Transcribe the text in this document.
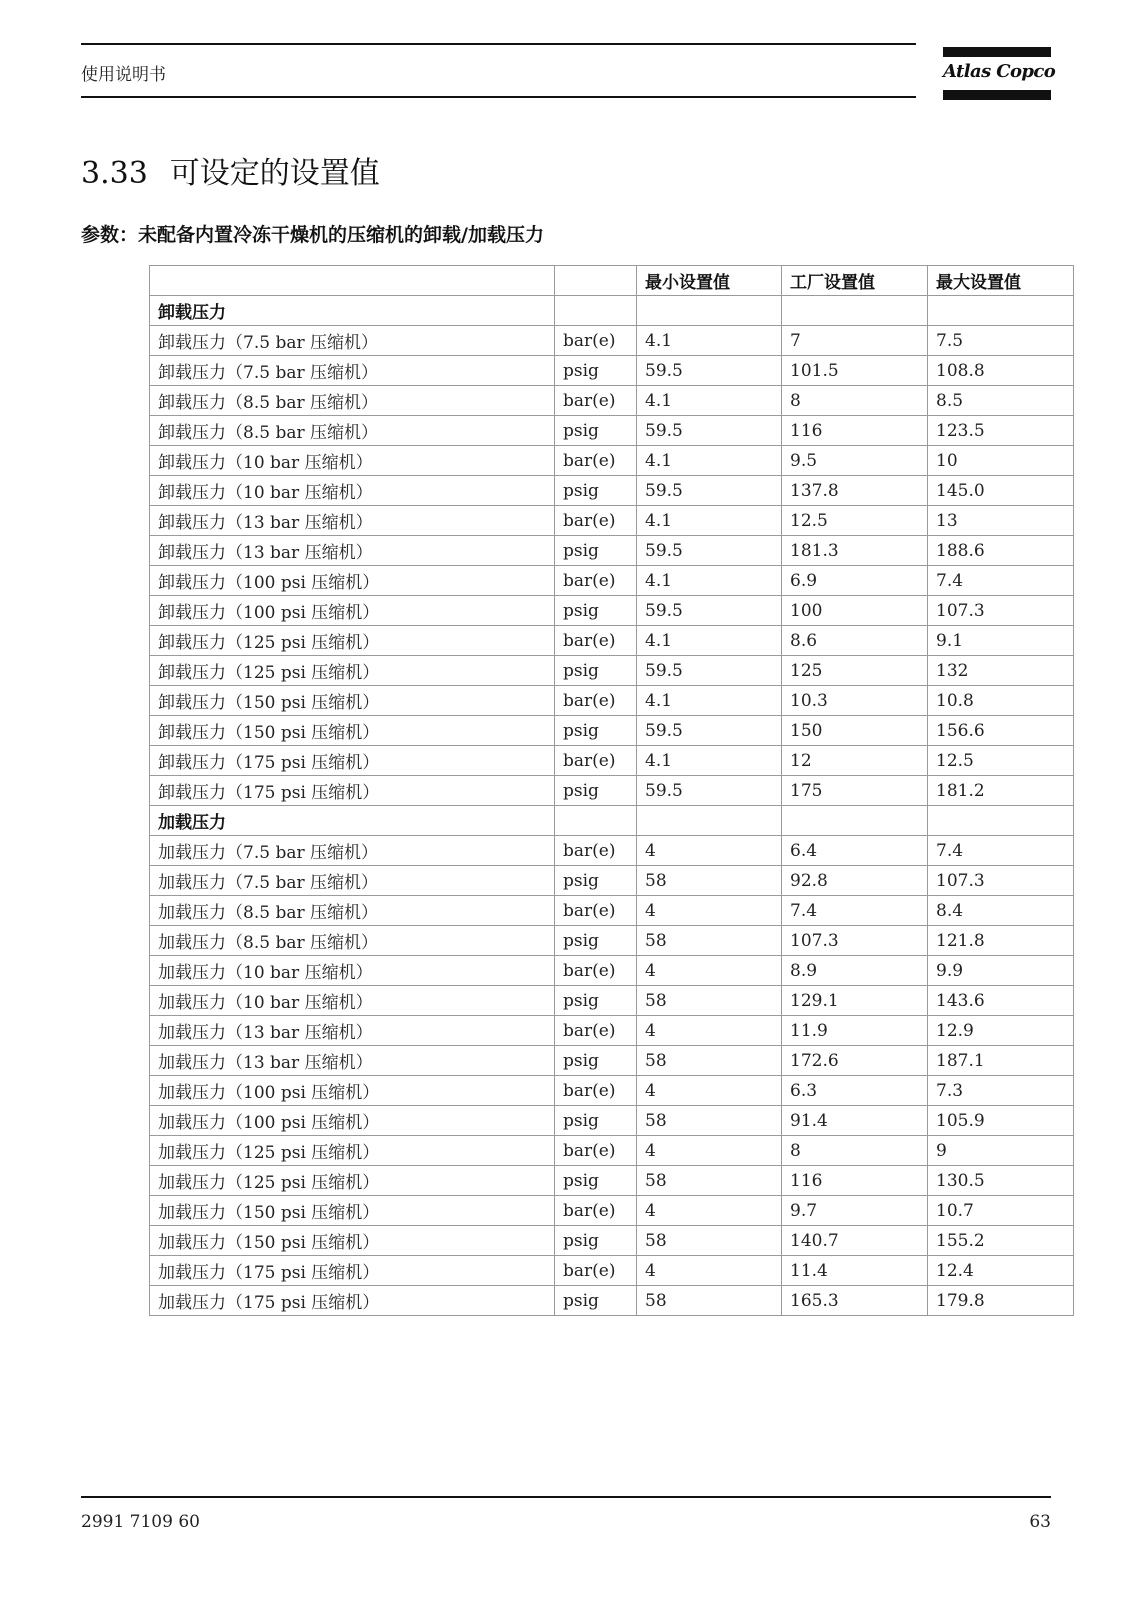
使用说明书	Atlas Copco
3.33 可设定的设置值
参数：未配备内置冷冻干燥机的压缩机的卸载/加载压力
		最小设置值	工厂设置值	最大设置值
卸载压力				
卸载压力（7.5 bar 压缩机）	bar(e)	4.1	7	7.5
卸载压力（7.5 bar 压缩机）	psig	59.5	101.5	108.8
卸载压力（8.5 bar 压缩机）	bar(e)	4.1	8	8.5
卸载压力（8.5 bar 压缩机）	psig	59.5	116	123.5
卸载压力（10 bar 压缩机）	bar(e)	4.1	9.5	10
卸载压力（10 bar 压缩机）	psig	59.5	137.8	145.0
卸载压力（13 bar 压缩机）	bar(e)	4.1	12.5	13
卸载压力（13 bar 压缩机）	psig	59.5	181.3	188.6
卸载压力（100 psi 压缩机）	bar(e)	4.1	6.9	7.4
卸载压力（100 psi 压缩机）	psig	59.5	100	107.3
卸载压力（125 psi 压缩机）	bar(e)	4.1	8.6	9.1
卸载压力（125 psi 压缩机）	psig	59.5	125	132
卸载压力（150 psi 压缩机）	bar(e)	4.1	10.3	10.8
卸载压力（150 psi 压缩机）	psig	59.5	150	156.6
卸载压力（175 psi 压缩机）	bar(e)	4.1	12	12.5
卸载压力（175 psi 压缩机）	psig	59.5	175	181.2
加载压力				
加载压力（7.5 bar 压缩机）	bar(e)	4	6.4	7.4
加载压力（7.5 bar 压缩机）	psig	58	92.8	107.3
加载压力（8.5 bar 压缩机）	bar(e)	4	7.4	8.4
加载压力（8.5 bar 压缩机）	psig	58	107.3	121.8
加载压力（10 bar 压缩机）	bar(e)	4	8.9	9.9
加载压力（10 bar 压缩机）	psig	58	129.1	143.6
加载压力（13 bar 压缩机）	bar(e)	4	11.9	12.9
加载压力（13 bar 压缩机）	psig	58	172.6	187.1
加载压力（100 psi 压缩机）	bar(e)	4	6.3	7.3
加载压力（100 psi 压缩机）	psig	58	91.4	105.9
加载压力（125 psi 压缩机）	bar(e)	4	8	9
加载压力（125 psi 压缩机）	psig	58	116	130.5
加载压力（150 psi 压缩机）	bar(e)	4	9.7	10.7
加载压力（150 psi 压缩机）	psig	58	140.7	155.2
加载压力（175 psi 压缩机）	bar(e)	4	11.4	12.4
加载压力（175 psi 压缩机）	psig	58	165.3	179.8
2991 7109 60	63
